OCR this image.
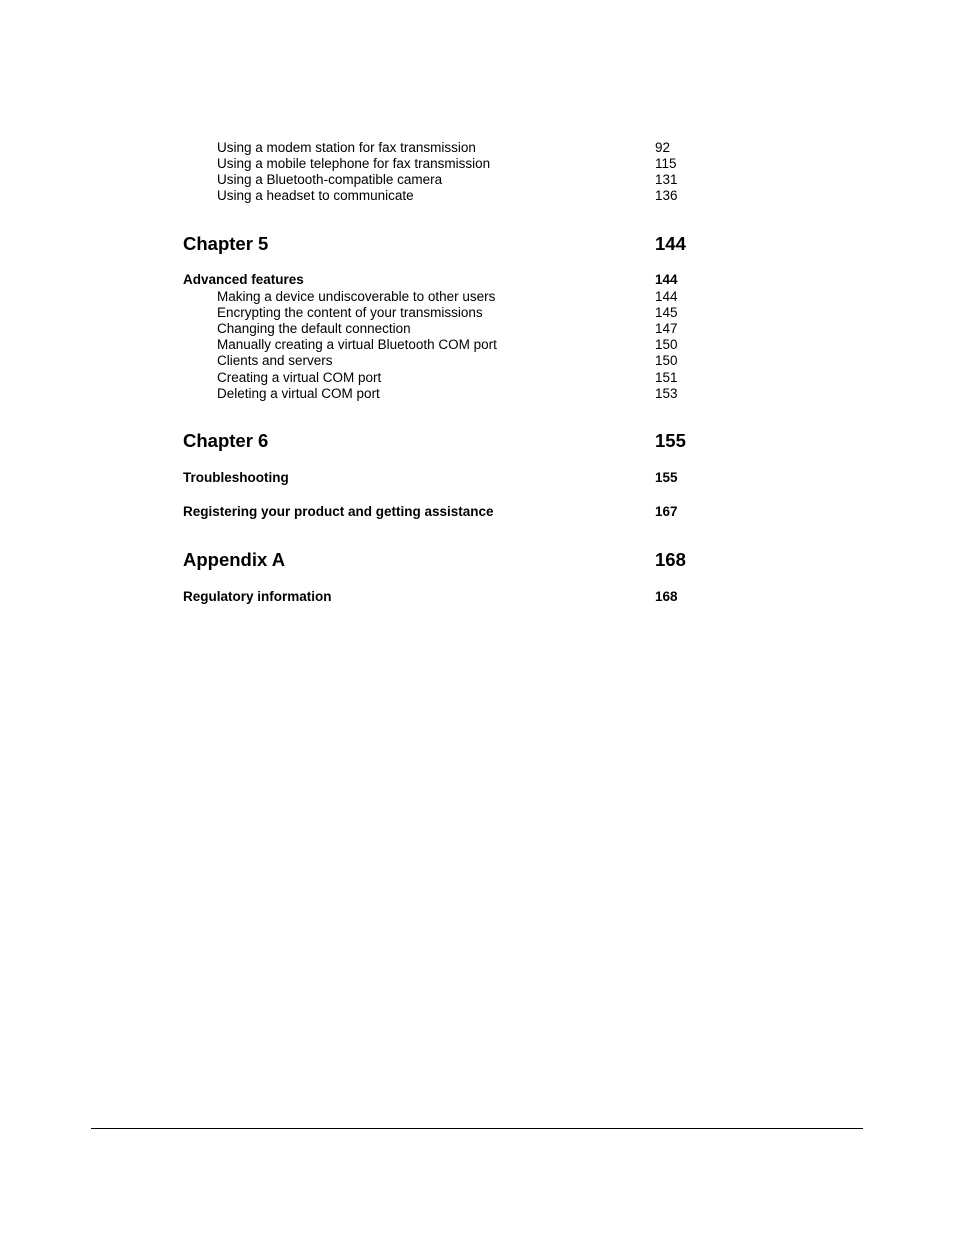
Using a modem station for fax transmission	92
Using a mobile telephone for fax transmission	115
Using a Bluetooth-compatible camera	131
Using a headset to communicate	136
Chapter 5	144
Advanced features	144
Making a device undiscoverable to other users	144
Encrypting the content of your transmissions	145
Changing the default connection	147
Manually creating a virtual Bluetooth COM port	150
Clients and servers	150
Creating a virtual COM port	151
Deleting a virtual COM port	153
Chapter 6	155
Troubleshooting	155
Registering your product and getting assistance	167
Appendix A	168
Regulatory information	168
